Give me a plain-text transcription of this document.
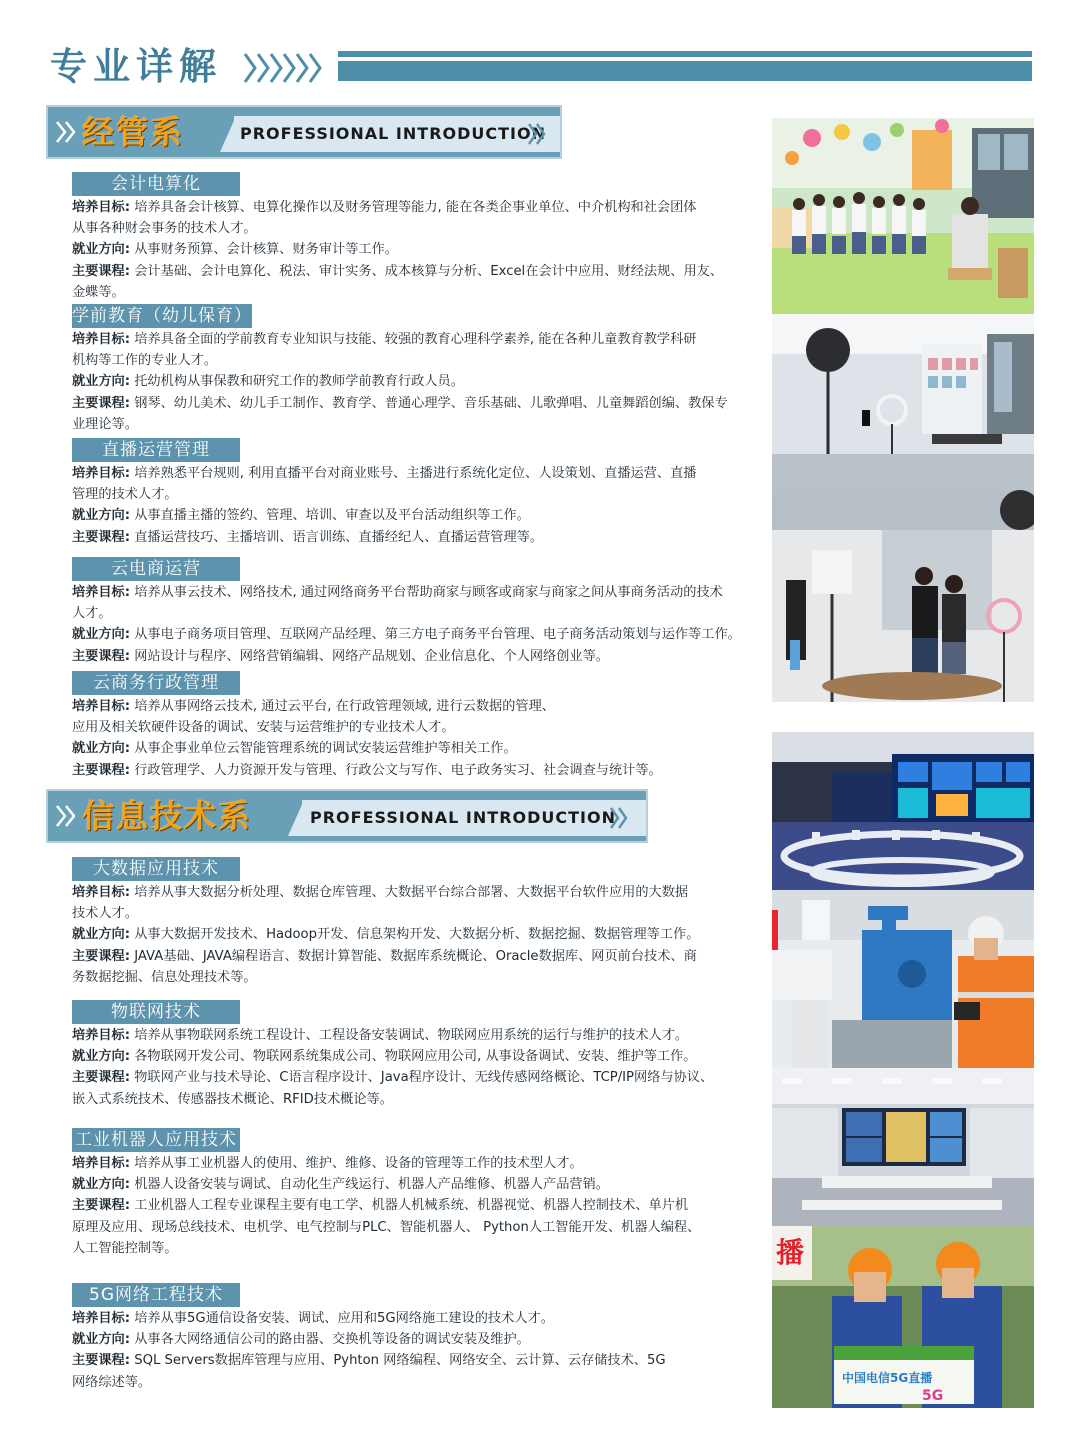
专业详解
经管系	PROFESSIONAL INTRODUCTION
会计电算化

培养目标: 培养具备会计核算、电算化操作以及财务管理等能力, 能在各类企事业单位、中介机构和社会团体

从事各种财会事务的技术人才。

就业方向: 从事财务预算、会计核算、财务审计等工作。

主要课程: 会计基础、会计电算化、税法、审计实务、成本核算与分析、Excel在会计中应用、财经法规、用友、

金蝶等。

学前教育（幼儿保育）

培养目标: 培养具备全面的学前教育专业知识与技能、较强的教育心理科学素养, 能在各种儿童教育教学科研

机构等工作的专业人才。

就业方向: 托幼机构从事保教和研究工作的教师学前教育行政人员。

主要课程: 钢琴、幼儿美术、幼儿手工制作、教育学、普通心理学、音乐基础、儿歌弹唱、儿童舞蹈创编、教保专

业理论等。

直播运营管理

培养目标: 培养熟悉平台规则, 利用直播平台对商业账号、主播进行系统化定位、人设策划、直播运营、直播

管理的技术人才。

就业方向: 从事直播主播的签约、管理、培训、审查以及平台活动组织等工作。

主要课程: 直播运营技巧、主播培训、语言训练、直播经纪人、直播运营管理等。

云电商运营

培养目标: 培养从事云技术、网络技术, 通过网络商务平台帮助商家与顾客或商家与商家之间从事商务活动的技术

人才。

就业方向: 从事电子商务项目管理、互联网产品经理、第三方电子商务平台管理、电子商务活动策划与运作等工作。

主要课程: 网站设计与程序、网络营销编辑、网络产品规划、企业信息化、个人网络创业等。

云商务行政管理

培养目标: 培养从事网络云技术, 通过云平台, 在行政管理领域, 进行云数据的管理、

应用及相关软硬件设备的调试、安装与运营维护的专业技术人才。

就业方向: 从事企事业单位云智能管理系统的调试安装运营维护等相关工作。

主要课程: 行政管理学、人力资源开发与管理、行政公文与写作、电子政务实习、社会调查与统计等。

信息技术系	PROFESSIONAL INTRODUCTION
大数据应用技术

培养目标: 培养从事大数据分析处理、数据仓库管理、大数据平台综合部署、大数据平台软件应用的大数据

技术人才。

就业方向: 从事大数据开发技术、Hadoop开发、信息架构开发、大数据分析、数据挖掘、数据管理等工作。

主要课程: JAVA基础、JAVA编程语言、数据计算智能、数据库系统概论、Oracle数据库、网页前台技术、商

务数据挖掘、信息处理技术等。

物联网技术

培养目标: 培养从事物联网系统工程设计、工程设备安装调试、物联网应用系统的运行与维护的技术人才。

就业方向: 各物联网开发公司、物联网系统集成公司、物联网应用公司, 从事设备调试、安装、维护等工作。

主要课程: 物联网产业与技术导论、C语言程序设计、Java程序设计、无线传感网络概论、TCP/IP网络与协议、

嵌入式系统技术、传感器技术概论、RFID技术概论等。

工业机器人应用技术

培养目标: 培养从事工业机器人的使用、维护、维修、设备的管理等工作的技术型人才。

就业方向: 机器人设备安装与调试、自动化生产线运行、机器人产品维修、机器人产品营销。

主要课程: 工业机器人工程专业课程主要有电工学、机器人机械系统、机器视觉、机器人控制技术、单片机

原理及应用、现场总线技术、电机学、电气控制与PLC、智能机器人、 Python人工智能开发、机器人编程、

人工智能控制等。

5G网络工程技术

培养目标: 培养从事5G通信设备安装、调试、应用和5G网络施工建设的技术人才。

就业方向: 从事各大网络通信公司的路由器、交换机等设备的调试安装及维护。

主要课程: SQL Servers数据库管理与应用、Pyhton 网络编程、网络安全、云计算、云存储技术、5G

网络综述等。

播
中国电信5G直播
5G
